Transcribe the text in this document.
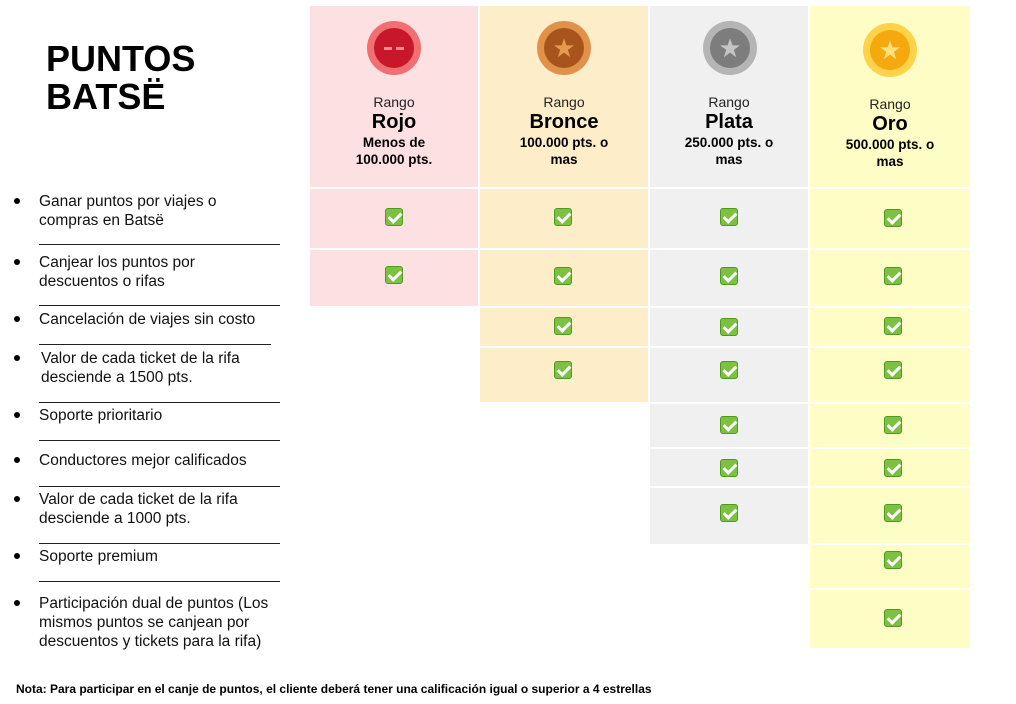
PUNTOS BATSË
★	★	★
Rango
Rojo
Menos de 100.000 pts.
Rango
Bronce
100.000 pts. o mas
Rango
Plata
250.000 pts. o mas
Rango
Oro
500.000 pts. o mas
Ganar puntos por viajes o compras en Batsë
Canjear los puntos por descuentos o rifas
Cancelación de viajes sin costo
Valor de cada ticket de la rifa desciende a 1500 pts.
Soporte prioritario
Conductores mejor calificados
Valor de cada ticket de la rifa desciende a 1000 pts.
Soporte premium
Participación dual de puntos (Los mismos puntos se canjean por descuentos y tickets para la rifa)
Nota: Para participar en el canje de puntos, el cliente deberá tener una calificación igual o superior a 4 estrellas
